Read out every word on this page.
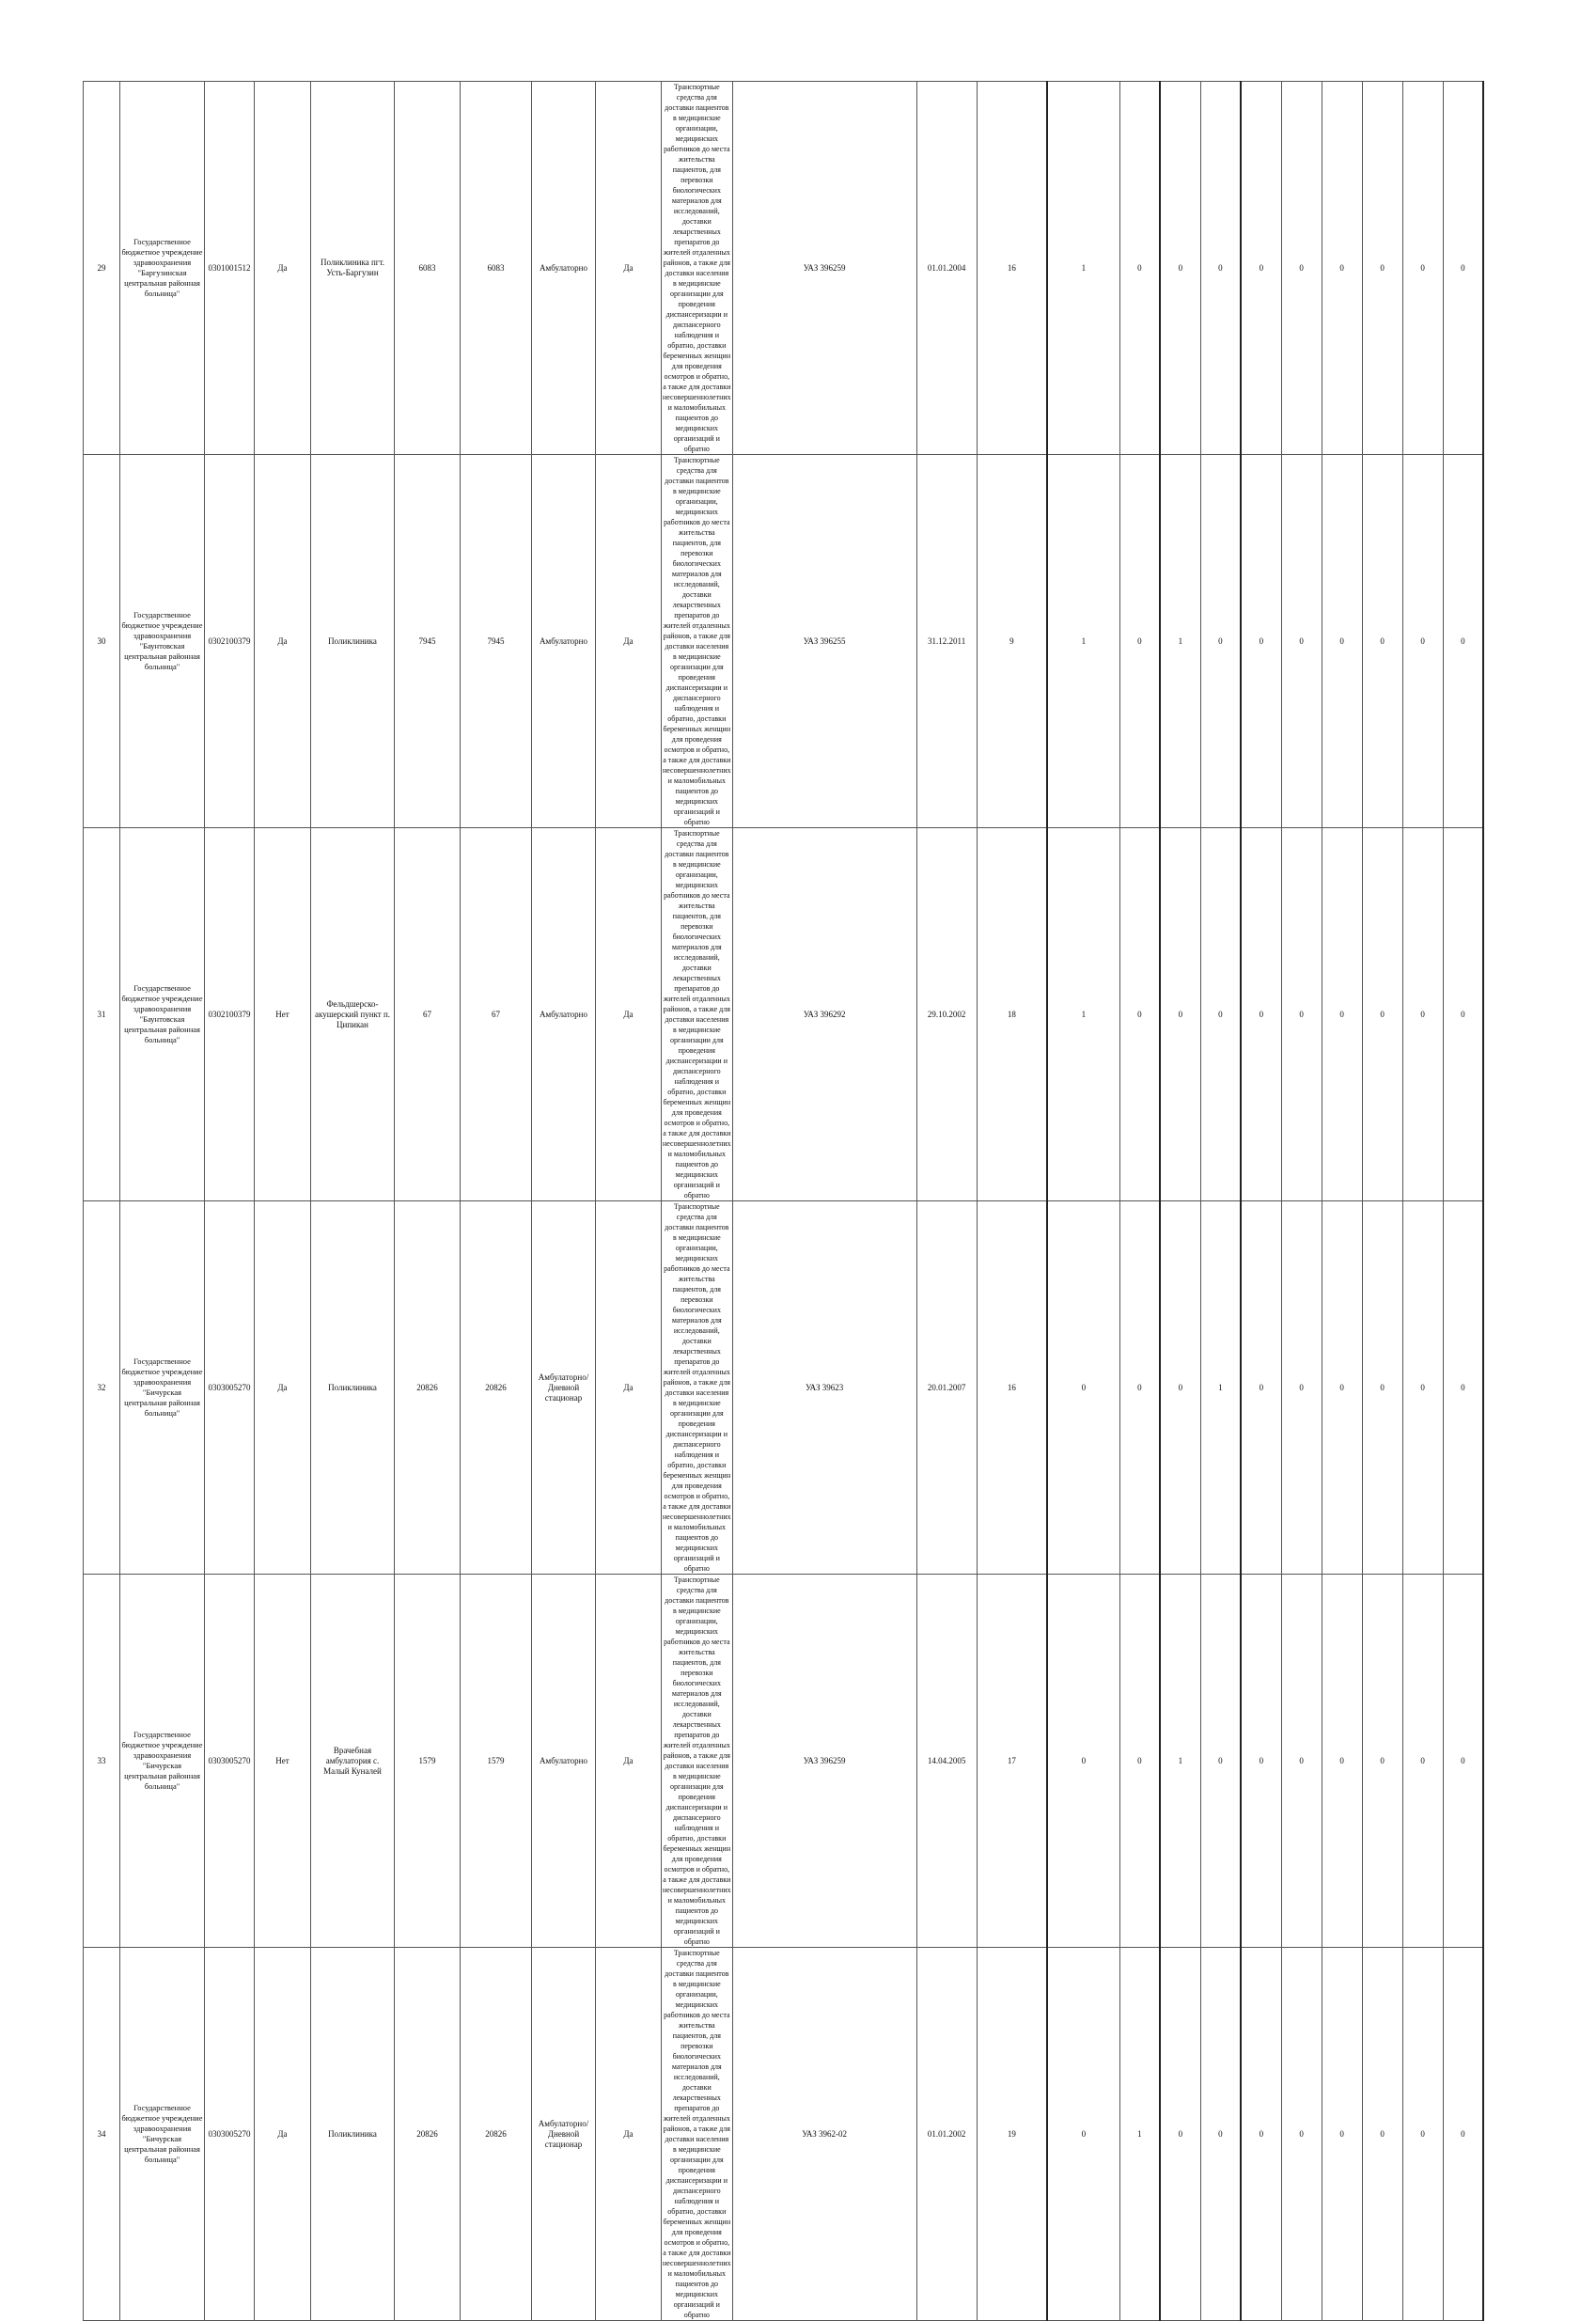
29	Государственное бюджетное учреждение здравоохранения "Баргузинская центральная районная больница"	0301001512	Да	Поликлиника пгт. Усть-Баргузин	6083	6083	Амбулаторно	Да	Транспортные средства для доставки пациентов в медицинские организации, медицинских работников до места жительства пациентов, для перевозки биологических материалов для исследований, доставки лекарственных препаратов до жителей отдаленных районов, а также для доставки населения в медицинские организации для проведения диспансеризации и диспансерного наблюдения и обратно, доставки беременных женщин для проведения осмотров и обратно, а также для доставки несовершеннолетних и маломобильных пациентов до медицинских организаций и обратно	УАЗ 396259	01.01.2004	16	1	0	0	0	0	0	0	0	0	0
30	Государственное бюджетное учреждение здравоохранения "Баунтовская центральная районная больница"	0302100379	Да	Поликлиника	7945	7945	Амбулаторно	Да	Транспортные средства для доставки пациентов в медицинские организации, медицинских работников до места жительства пациентов, для перевозки биологических материалов для исследований, доставки лекарственных препаратов до жителей отдаленных районов, а также для доставки населения в медицинские организации для проведения диспансеризации и диспансерного наблюдения и обратно, доставки беременных женщин для проведения осмотров и обратно, а также для доставки несовершеннолетних и маломобильных пациентов до медицинских организаций и обратно	УАЗ 396255	31.12.2011	9	1	0	1	0	0	0	0	0	0	0
31	Государственное бюджетное учреждение здравоохранения "Баунтовская центральная районная больница"	0302100379	Нет	Фельдшерско-акушерский пункт п. Ципикан	67	67	Амбулаторно	Да	Транспортные средства для доставки пациентов в медицинские организации, медицинских работников до места жительства пациентов, для перевозки биологических материалов для исследований, доставки лекарственных препаратов до жителей отдаленных районов, а также для доставки населения в медицинские организации для проведения диспансеризации и диспансерного наблюдения и обратно, доставки беременных женщин для проведения осмотров и обратно, а также для доставки несовершеннолетних и маломобильных пациентов до медицинских организаций и обратно	УАЗ 396292	29.10.2002	18	1	0	0	0	0	0	0	0	0	0
32	Государственное бюджетное учреждение здравоохранения "Бичурская центральная районная больница"	0303005270	Да	Поликлиника	20826	20826	Амбулаторно/Дневной стационар	Да	Транспортные средства для доставки пациентов в медицинские организации, медицинских работников до места жительства пациентов, для перевозки биологических материалов для исследований, доставки лекарственных препаратов до жителей отдаленных районов, а также для доставки населения в медицинские организации для проведения диспансеризации и диспансерного наблюдения и обратно, доставки беременных женщин для проведения осмотров и обратно, а также для доставки несовершеннолетних и маломобильных пациентов до медицинских организаций и обратно	УАЗ 39623	20.01.2007	16	0	0	0	1	0	0	0	0	0	0
33	Государственное бюджетное учреждение здравоохранения "Бичурская центральная районная больница"	0303005270	Нет	Врачебная амбулатория с. Малый Куналей	1579	1579	Амбулаторно	Да	Транспортные средства для доставки пациентов в медицинские организации, медицинских работников до места жительства пациентов, для перевозки биологических материалов для исследований, доставки лекарственных препаратов до жителей отдаленных районов, а также для доставки населения в медицинские организации для проведения диспансеризации и диспансерного наблюдения и обратно, доставки беременных женщин для проведения осмотров и обратно, а также для доставки несовершеннолетних и маломобильных пациентов до медицинских организаций и обратно	УАЗ 396259	14.04.2005	17	0	0	1	0	0	0	0	0	0	0
34	Государственное бюджетное учреждение здравоохранения "Бичурская центральная районная больница"	0303005270	Да	Поликлиника	20826	20826	Амбулаторно/Дневной стационар	Да	Транспортные средства для доставки пациентов в медицинские организации, медицинских работников до места жительства пациентов, для перевозки биологических материалов для исследований, доставки лекарственных препаратов до жителей отдаленных районов, а также для доставки населения в медицинские организации для проведения диспансеризации и диспансерного наблюдения и обратно, доставки беременных женщин для проведения осмотров и обратно, а также для доставки несовершеннолетних и маломобильных пациентов до медицинских организаций и обратно	УАЗ 3962-02	01.01.2002	19	0	1	0	0	0	0	0	0	0	0
